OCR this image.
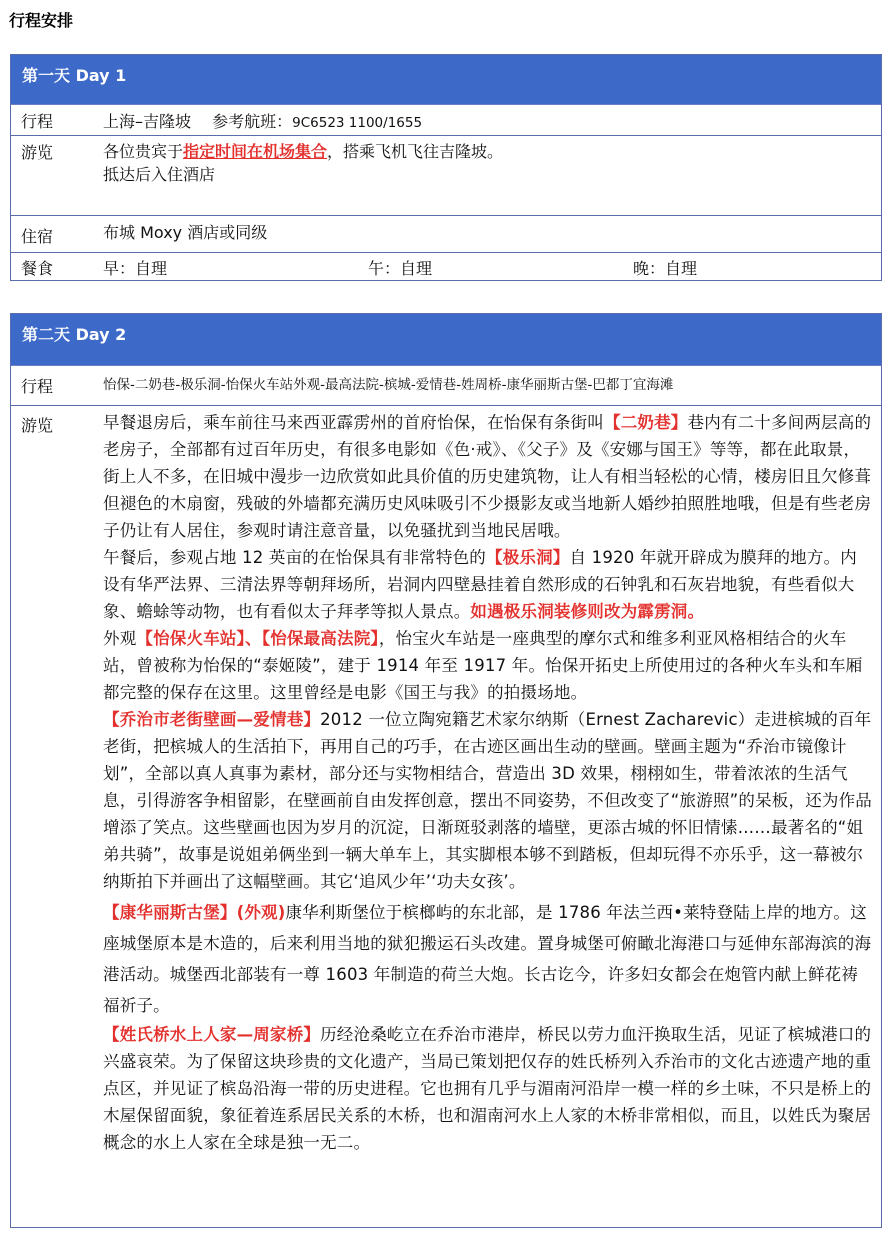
行程安排
第一天 Day 1
行程	上海–吉隆坡 参考航班：9C6523 1100/1655
游览	各位贵宾于指定时间在机场集合，搭乘飞机飞往吉隆坡。
抵达后入住酒店
住宿	布城 Moxy 酒店或同级
餐食	早：自理	午：自理	晚：自理
第二天 Day 2
行程	怡保-二奶巷-极乐洞-怡保火车站外观-最高法院-槟城-爱情巷-姓周桥-康华丽斯古堡-巴都丁宜海滩
游览	早餐退房后，乘车前往马来西亚霹雳州的首府怡保，在怡保有条街叫【二奶巷】巷内有二十多间两层高的老房子，全部都有过百年历史，有很多电影如《色·戒》、《父子》及《安娜与国王》等等，都在此取景，街上人不多，在旧城中漫步一边欣赏如此具价值的历史建筑物，让人有相当轻松的心情，楼房旧且欠修葺但褪色的木扇窗，残破的外墙都充满历史风味吸引不少摄影友或当地新人婚纱拍照胜地哦，但是有些老房子仍让有人居住，参观时请注意音量，以免骚扰到当地民居哦。
午餐后，参观占地 12 英亩的在怡保具有非常特色的【极乐洞】自 1920 年就开辟成为膜拜的地方。内设有华严法界、三清法界等朝拜场所，岩洞内四壁悬挂着自然形成的石钟乳和石灰岩地貌，有些看似大象、蟾蜍等动物，也有看似太子拜孝等拟人景点。如遇极乐洞装修则改为霹雳洞。
外观【怡保火车站】、【怡保最高法院】，怡宝火车站是一座典型的摩尔式和维多利亚风格相结合的火车站，曾被称为怡保的“泰姬陵”，建于 1914 年至 1917 年。怡保开拓史上所使用过的各种火车头和车厢都完整的保存在这里。这里曾经是电影《国王与我》的拍摄场地。
【乔治市老街壁画—爱情巷】2012 一位立陶宛籍艺术家尔纳斯（Ernest Zacharevic）走进槟城的百年老街，把槟城人的生活拍下，再用自己的巧手，在古迹区画出生动的壁画。壁画主题为“乔治市镜像计划”，全部以真人真事为素材，部分还与实物相结合，营造出 3D 效果，栩栩如生，带着浓浓的生活气息，引得游客争相留影，在壁画前自由发挥创意，摆出不同姿势，不但改变了“旅游照”的呆板，还为作品增添了笑点。这些壁画也因为岁月的沉淀，日渐斑驳剥落的墙壁，更添古城的怀旧情愫……最著名的“姐弟共骑”，故事是说姐弟俩坐到一辆大单车上，其实脚根本够不到踏板，但却玩得不亦乐乎，这一幕被尔纳斯拍下并画出了这幅壁画。其它‘追风少年’‘功夫女孩’。
【康华丽斯古堡】(外观)康华利斯堡位于槟榔屿的东北部，是 1786 年法兰西•莱特登陆上岸的地方。这座城堡原本是木造的，后来利用当地的狱犯搬运石头改建。置身城堡可俯瞰北海港口与延伸东部海滨的海港活动。城堡西北部装有一尊 1603 年制造的荷兰大炮。长古讫今，许多妇女都会在炮管内献上鲜花祷福祈子。
【姓氏桥水上人家—周家桥】历经沧桑屹立在乔治市港岸，桥民以劳力血汗换取生活，见证了槟城港口的兴盛哀荣。为了保留这块珍贵的文化遗产，当局已策划把仅存的姓氏桥列入乔治市的文化古迹遗产地的重点区，并见证了槟岛沿海一带的历史进程。它也拥有几乎与湄南河沿岸一模一样的乡土味，不只是桥上的木屋保留面貌，象征着连系居民关系的木桥，也和湄南河水上人家的木桥非常相似，而且，以姓氏为聚居概念的水上人家在全球是独一无二。
